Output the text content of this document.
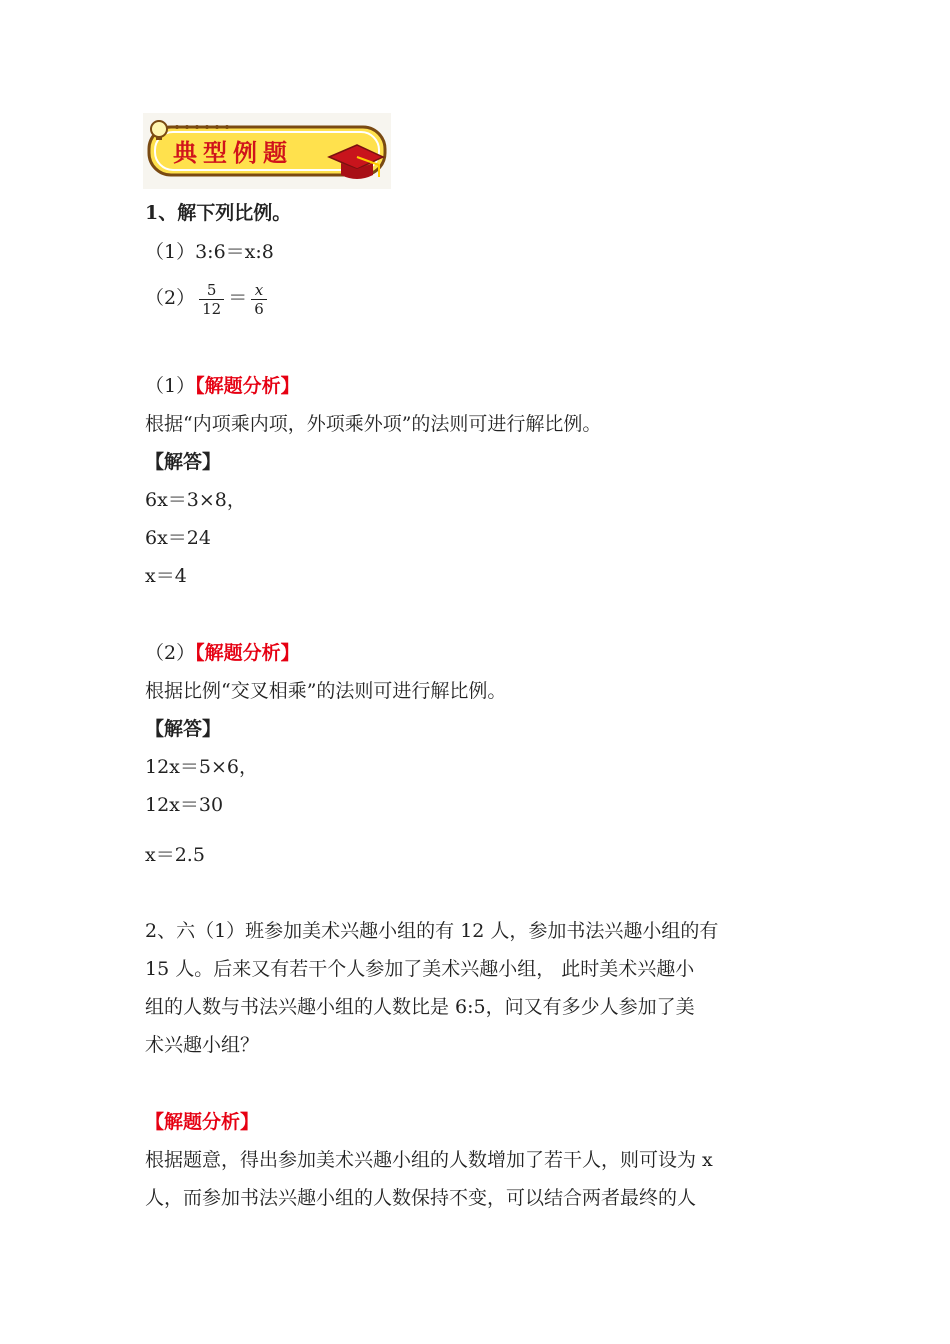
典型例题
1、解下列比例。
（1）3:6＝x:8
$(2) \frac{5}{12} = \frac{x}{6}$
（1）【解题分析】
根据“内项乘内项，外项乘外项”的法则可进行解比例。
【解答】
6x＝3×8，
6x＝24
x＝4
（2）【解题分析】
根据比例“交叉相乘”的法则可进行解比例。
【解答】
12x＝5×6，
12x＝30
x＝2.5
2、六（1）班参加美术兴趣小组的有 12 人，参加书法兴趣小组的有
15 人。后来又有若干个人参加了美术兴趣小组， 此时美术兴趣小
组的人数与书法兴趣小组的人数比是 6:5，问又有多少人参加了美
术兴趣小组？
【解题分析】
根据题意，得出参加美术兴趣小组的人数增加了若干人，则可设为 x
人，而参加书法兴趣小组的人数保持不变，可以结合两者最终的人
